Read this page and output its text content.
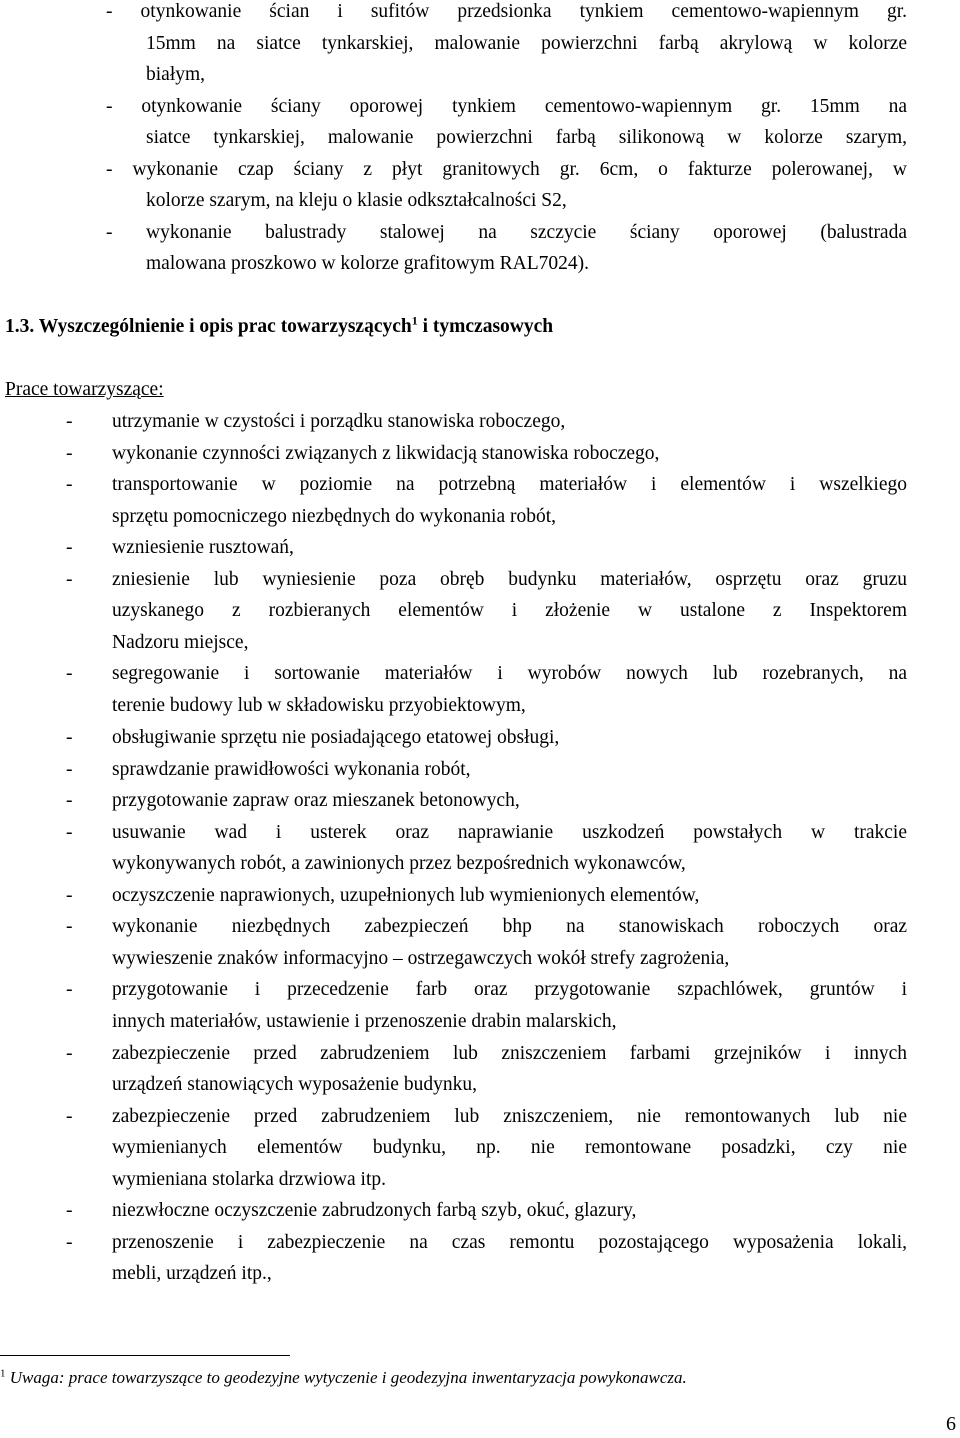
- otynkowanie ścian i sufitów przedsionka tynkiem cementowo-wapiennym gr.
15mm na siatce tynkarskiej, malowanie powierzchni farbą akrylową w kolorze
białym,
- otynkowanie ściany oporowej tynkiem cementowo-wapiennym gr. 15mm na
siatce tynkarskiej, malowanie powierzchni farbą silikonową w kolorze szarym,
- wykonanie czap ściany z płyt granitowych gr. 6cm, o fakturze polerowanej, w
kolorze szarym, na kleju o klasie odkształcalności S2,
- wykonanie balustrady stalowej na szczycie ściany oporowej (balustrada
malowana proszkowo w kolorze grafitowym RAL7024).
1.3. Wyszczególnienie i opis prac towarzyszących$^1$ i tymczasowych
Prace towarzyszące:
- utrzymanie w czystości i porządku stanowiska roboczego,
- wykonanie czynności związanych z likwidacją stanowiska roboczego,
- transportowanie w poziomie na potrzebną materiałów i elementów i wszelkiego
sprzętu pomocniczego niezbędnych do wykonania robót,
- wzniesienie rusztowań,
- zniesienie lub wyniesienie poza obręb budynku materiałów, osprzętu oraz gruzu
uzyskanego z rozbieranych elementów i złożenie w ustalone z Inspektorem
Nadzoru miejsce,
- segregowanie i sortowanie materiałów i wyrobów nowych lub rozebranych, na
terenie budowy lub w składowisku przyobiektowym,
- obsługiwanie sprzętu nie posiadającego etatowej obsługi,
- sprawdzanie prawidłowości wykonania robót,
- przygotowanie zapraw oraz mieszanek betonowych,
- usuwanie wad i usterek oraz naprawianie uszkodzeń powstałych w trakcie
wykonywanych robót, a zawinionych przez bezpośrednich wykonawców,
- oczyszczenie naprawionych, uzupełnionych lub wymienionych elementów,
- wykonanie niezbędnych zabezpieczeń bhp na stanowiskach roboczych oraz
wywieszenie znaków informacyjno – ostrzegawczych wokół strefy zagrożenia,
- przygotowanie i przecedzenie farb oraz przygotowanie szpachlówek, gruntów i
innych materiałów, ustawienie i przenoszenie drabin malarskich,
- zabezpieczenie przed zabrudzeniem lub zniszczeniem farbami grzejników i innych
urządzeń stanowiących wyposażenie budynku,
- zabezpieczenie przed zabrudzeniem lub zniszczeniem, nie remontowanych lub nie
wymienianych elementów budynku, np. nie remontowane posadzki, czy nie
wymieniana stolarka drzwiowa itp.
- niezwłoczne oczyszczenie zabrudzonych farbą szyb, okuć, glazury,
- przenoszenie i zabezpieczenie na czas remontu pozostającego wyposażenia lokali,
mebli, urządzeń itp.,
$^1$ Uwaga: prace towarzyszące to geodezyjne wytyczenie i geodezyjna inwentaryzacja powykonawcza.
6
